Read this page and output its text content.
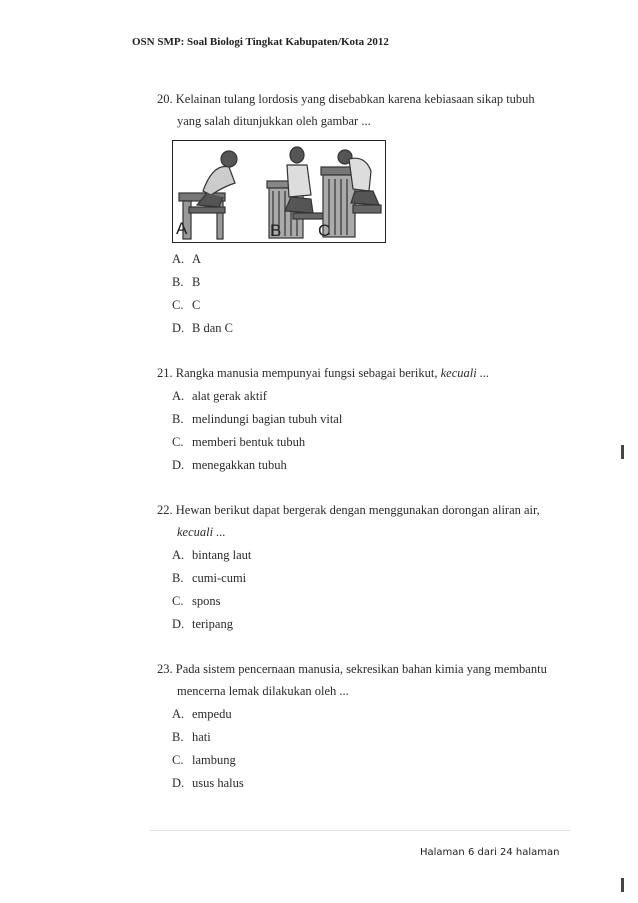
OSN SMP: Soal Biologi Tingkat Kabupaten/Kota 2012
20. Kelainan tulang lordosis yang disebabkan karena kebiasaan sikap tubuh
yang salah ditunjukkan oleh gambar ...
A	B C
A. A
B. B
C. C
D. B dan C
21. Rangka manusia mempunyai fungsi sebagai berikut, kecuali ...
A. alat gerak aktif
B. melindungi bagian tubuh vital
C. memberi bentuk tubuh
D. menegakkan tubuh
22. Hewan berikut dapat bergerak dengan menggunakan dorongan aliran air,
kecuali ...
A. bintang laut
B. cumi-cumi
C. spons
D. teripang
23. Pada sistem pencernaan manusia, sekresikan bahan kimia yang membantu
mencerna lemak dilakukan oleh ...
A. empedu
B. hati
C. lambung
D. usus halus
Halaman 6 dari 24 halaman
